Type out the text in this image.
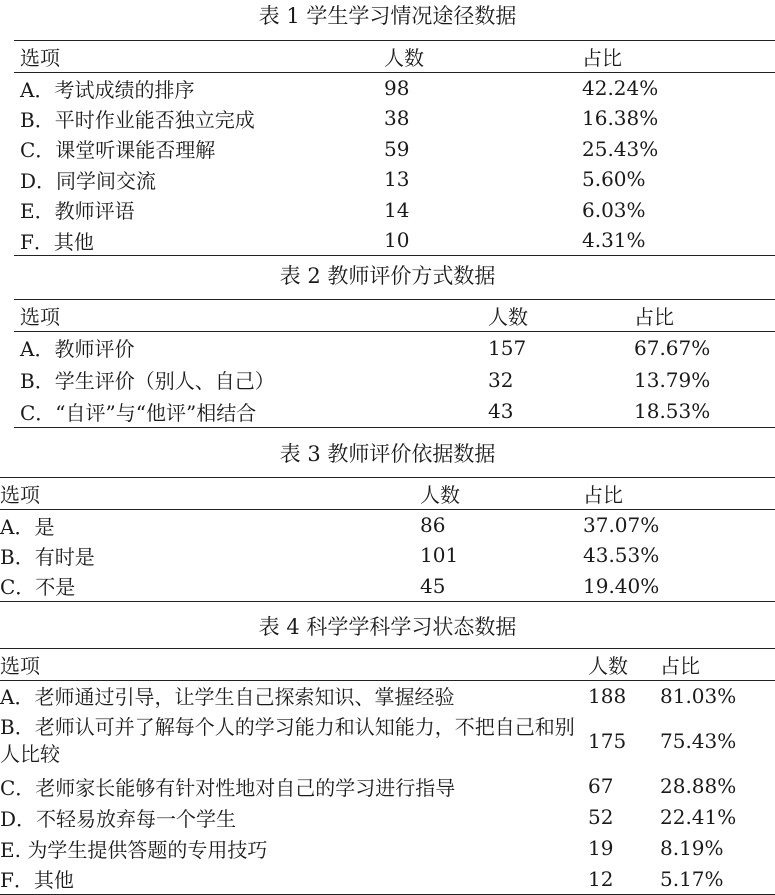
表 1 学生学习情况途径数据
选项	人数	占比
A．考试成绩的排序	98	42.24%
B．平时作业能否独立完成	38	16.38%
C．课堂听课能否理解	59	25.43%
D．同学间交流	13	5.60%
E．教师评语	14	6.03%
F．其他	10	4.31%
表 2 教师评价方式数据
选项	人数	占比
A．教师评价	157	67.67%
B．学生评价（别人、自己）	32	13.79%
C．“自评”与“他评”相结合	43	18.53%
表 3 教师评价依据数据
选项	人数	占比
A．是	86	37.07%
B．有时是	101	43.53%
C．不是	45	19.40%
表 4 科学学科学习状态数据
选项	人数	占比
A．老师通过引导，让学生自己探索知识、掌握经验	188	81.03%
B．老师认可并了解每个人的学习能力和认知能力，不把自己和别人比较	175	75.43%
C．老师家长能够有针对性地对自己的学习进行指导	67	28.88%
D．不轻易放弃每一个学生	52	22.41%
E. 为学生提供答题的专用技巧	19	8.19%
F．其他	12	5.17%
